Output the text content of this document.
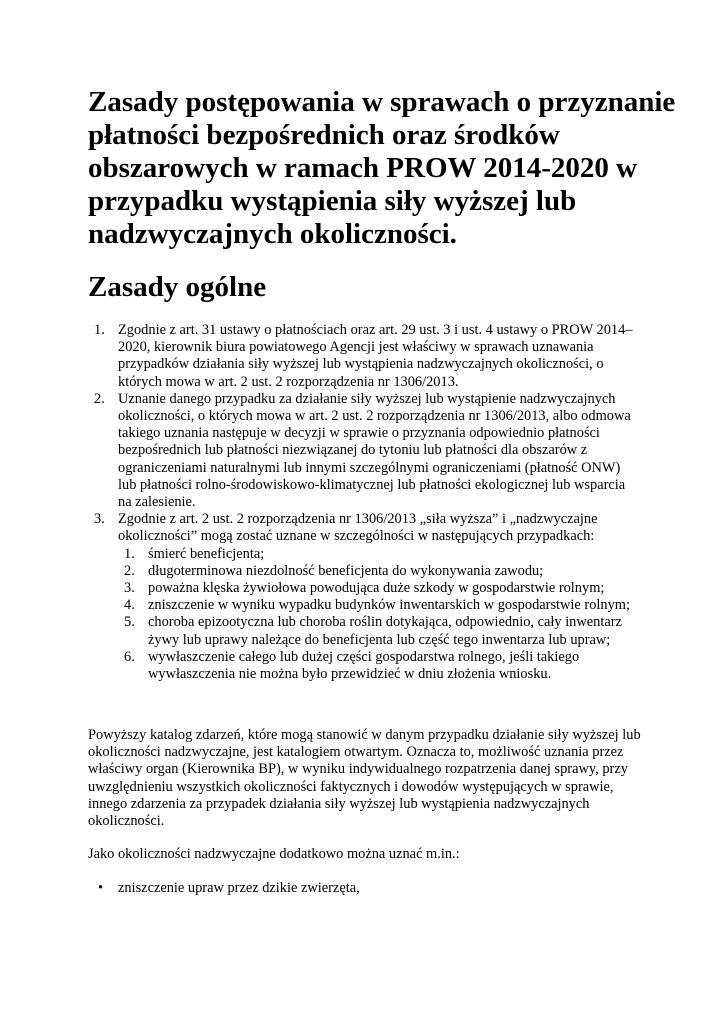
Zasady postępowania w sprawach o przyznanie płatności bezpośrednich oraz środków obszarowych w ramach PROW 2014-2020 w przypadku wystąpienia siły wyższej lub nadzwyczajnych okoliczności.
Zasady ogólne
1. Zgodnie z art. 31 ustawy o płatnościach oraz art. 29 ust. 3 i ust. 4 ustawy o PROW 2014–2020, kierownik biura powiatowego Agencji jest właściwy w sprawach uznawania przypadków działania siły wyższej lub wystąpienia nadzwyczajnych okoliczności, o których mowa w art. 2 ust. 2 rozporządzenia nr 1306/2013.
2. Uznanie danego przypadku za działanie siły wyższej lub wystąpienie nadzwyczajnych okoliczności, o których mowa w art. 2 ust. 2 rozporządzenia nr 1306/2013, albo odmowa takiego uznania następuje w decyzji w sprawie o przyznania odpowiednio płatności bezpośrednich lub płatności niezwiązanej do tytoniu lub płatności dla obszarów z ograniczeniami naturalnymi lub innymi szczególnymi ograniczeniami (płatność ONW) lub płatności rolno-środowiskowo-klimatycznej lub płatności ekologicznej lub wsparcia na zalesienie.
3. Zgodnie z art. 2 ust. 2 rozporządzenia nr 1306/2013 „siła wyższa” i „nadzwyczajne okoliczności” mogą zostać uznane w szczególności w następujących przypadkach:
1. śmierć beneficjenta;
2. długoterminowa niezdolność beneficjenta do wykonywania zawodu;
3. poważna klęska żywiołowa powodująca duże szkody w gospodarstwie rolnym;
4. zniszczenie w wyniku wypadku budynków inwentarskich w gospodarstwie rolnym;
5. choroba epizootyczna lub choroba roślin dotykająca, odpowiednio, cały inwentarz żywy lub uprawy należące do beneficjenta lub część tego inwentarza lub upraw;
6. wywłaszczenie całego lub dużej części gospodarstwa rolnego, jeśli takiego wywłaszczenia nie można było przewidzieć w dniu złożenia wniosku.

Powyższy katalog zdarzeń, które mogą stanowić w danym przypadku działanie siły wyższej lub okoliczności nadzwyczajne, jest katalogiem otwartym. Oznacza to, możliwość uznania przez właściwy organ (Kierownika BP), w wyniku indywidualnego rozpatrzenia danej sprawy, przy uwzględnieniu wszystkich okoliczności faktycznych i dowodów występujących w sprawie, innego zdarzenia za przypadek działania siły wyższej lub wystąpienia nadzwyczajnych okoliczności.

Jako okoliczności nadzwyczajne dodatkowo można uznać m.in.:

• zniszczenie upraw przez dzikie zwierzęta,
